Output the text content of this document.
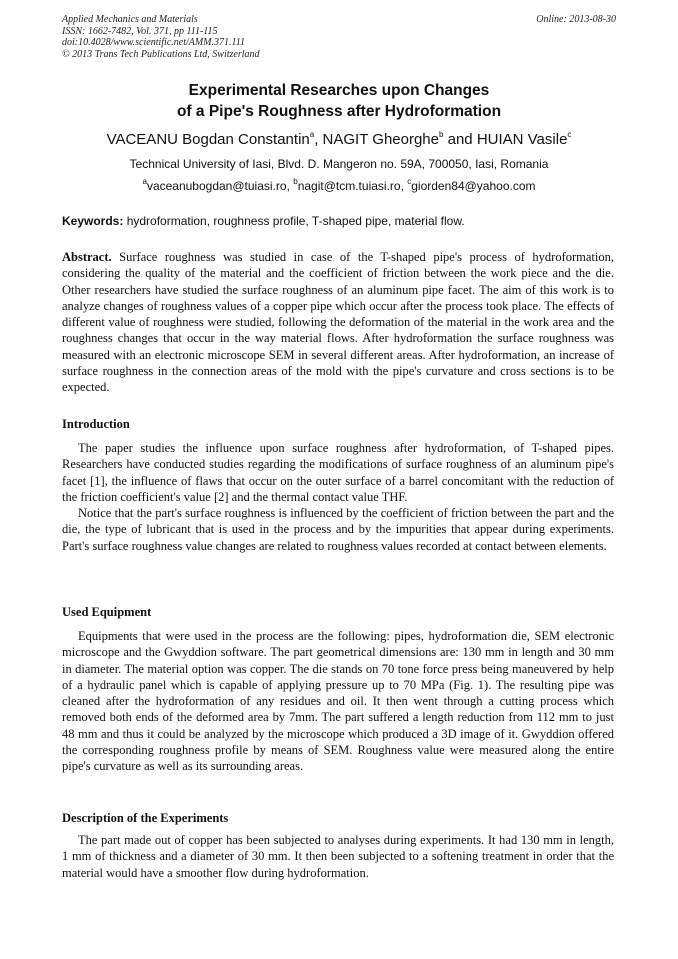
Applied Mechanics and Materials
ISSN: 1662-7482, Vol. 371, pp 111-115
doi:10.4028/www.scientific.net/AMM.371.111
© 2013 Trans Tech Publications Ltd, Switzerland
Online: 2013-08-30
Experimental Researches upon Changes
of a Pipe's Roughness after Hydroformation
VACEANU Bogdan Constantin$^a$, NAGIT Gheorghe$^b$ and HUIAN Vasile$^c$
Technical University of Iasi, Blvd. D. Mangeron no. 59A, 700050, Iasi, Romania
$^a$vaceanubogdan@tuiasi.ro, $^b$nagit@tcm.tuiasi.ro, $^c$giorden84@yahoo.com
Keywords: hydroformation, roughness profile, T-shaped pipe, material flow.

Abstract. Surface roughness was studied in case of the T-shaped pipe's process of hydroformation, considering the quality of the material and the coefficient of friction between the work piece and the die. Other researchers have studied the surface roughness of an aluminum pipe facet. The aim of this work is to analyze changes of roughness values of a copper pipe which occur after the process took place. The effects of different value of roughness were studied, following the deformation of the material in the work area and the roughness changes that occur in the way material flows. After hydroformation the surface roughness was measured with an electronic microscope SEM in several different areas. After hydroformation, an increase of surface roughness in the connection areas of the mold with the pipe's curvature and cross sections is to be expected.

Introduction

The paper studies the influence upon surface roughness after hydroformation, of T-shaped pipes. Researchers have conducted studies regarding the modifications of surface roughness of an aluminum pipe's facet [1], the influence of flaws that occur on the outer surface of a barrel concomitant with the reduction of the friction coefficient's value [2] and the thermal contact value THF.

Notice that the part's surface roughness is influenced by the coefficient of friction between the part and the die, the type of lubricant that is used in the process and by the impurities that appear during experiments. Part's surface roughness value changes are related to roughness values recorded at contact between elements.

Used Equipment

Equipments that were used in the process are the following: pipes, hydroformation die, SEM electronic microscope and the Gwyddion software. The part geometrical dimensions are: 130 mm in length and 30 mm in diameter. The material option was copper. The die stands on 70 tone force press being maneuvered by help of a hydraulic panel which is capable of applying pressure up to 70 MPa (Fig. 1). The resulting pipe was cleaned after the hydroformation of any residues and oil. It then went through a cutting process which removed both ends of the deformed area by 7mm. The part suffered a length reduction from 112 mm to just 48 mm and thus it could be analyzed by the microscope which produced a 3D image of it. Gwyddion offered the corresponding roughness profile by means of SEM. Roughness value were measured along the entire pipe's curvature as well as its surrounding areas.

Description of the Experiments

The part made out of copper has been subjected to analyses during experiments. It had 130 mm in length, 1 mm of thickness and a diameter of 30 mm. It then been subjected to a softening treatment in order that the material would have a smoother flow during hydroformation.
